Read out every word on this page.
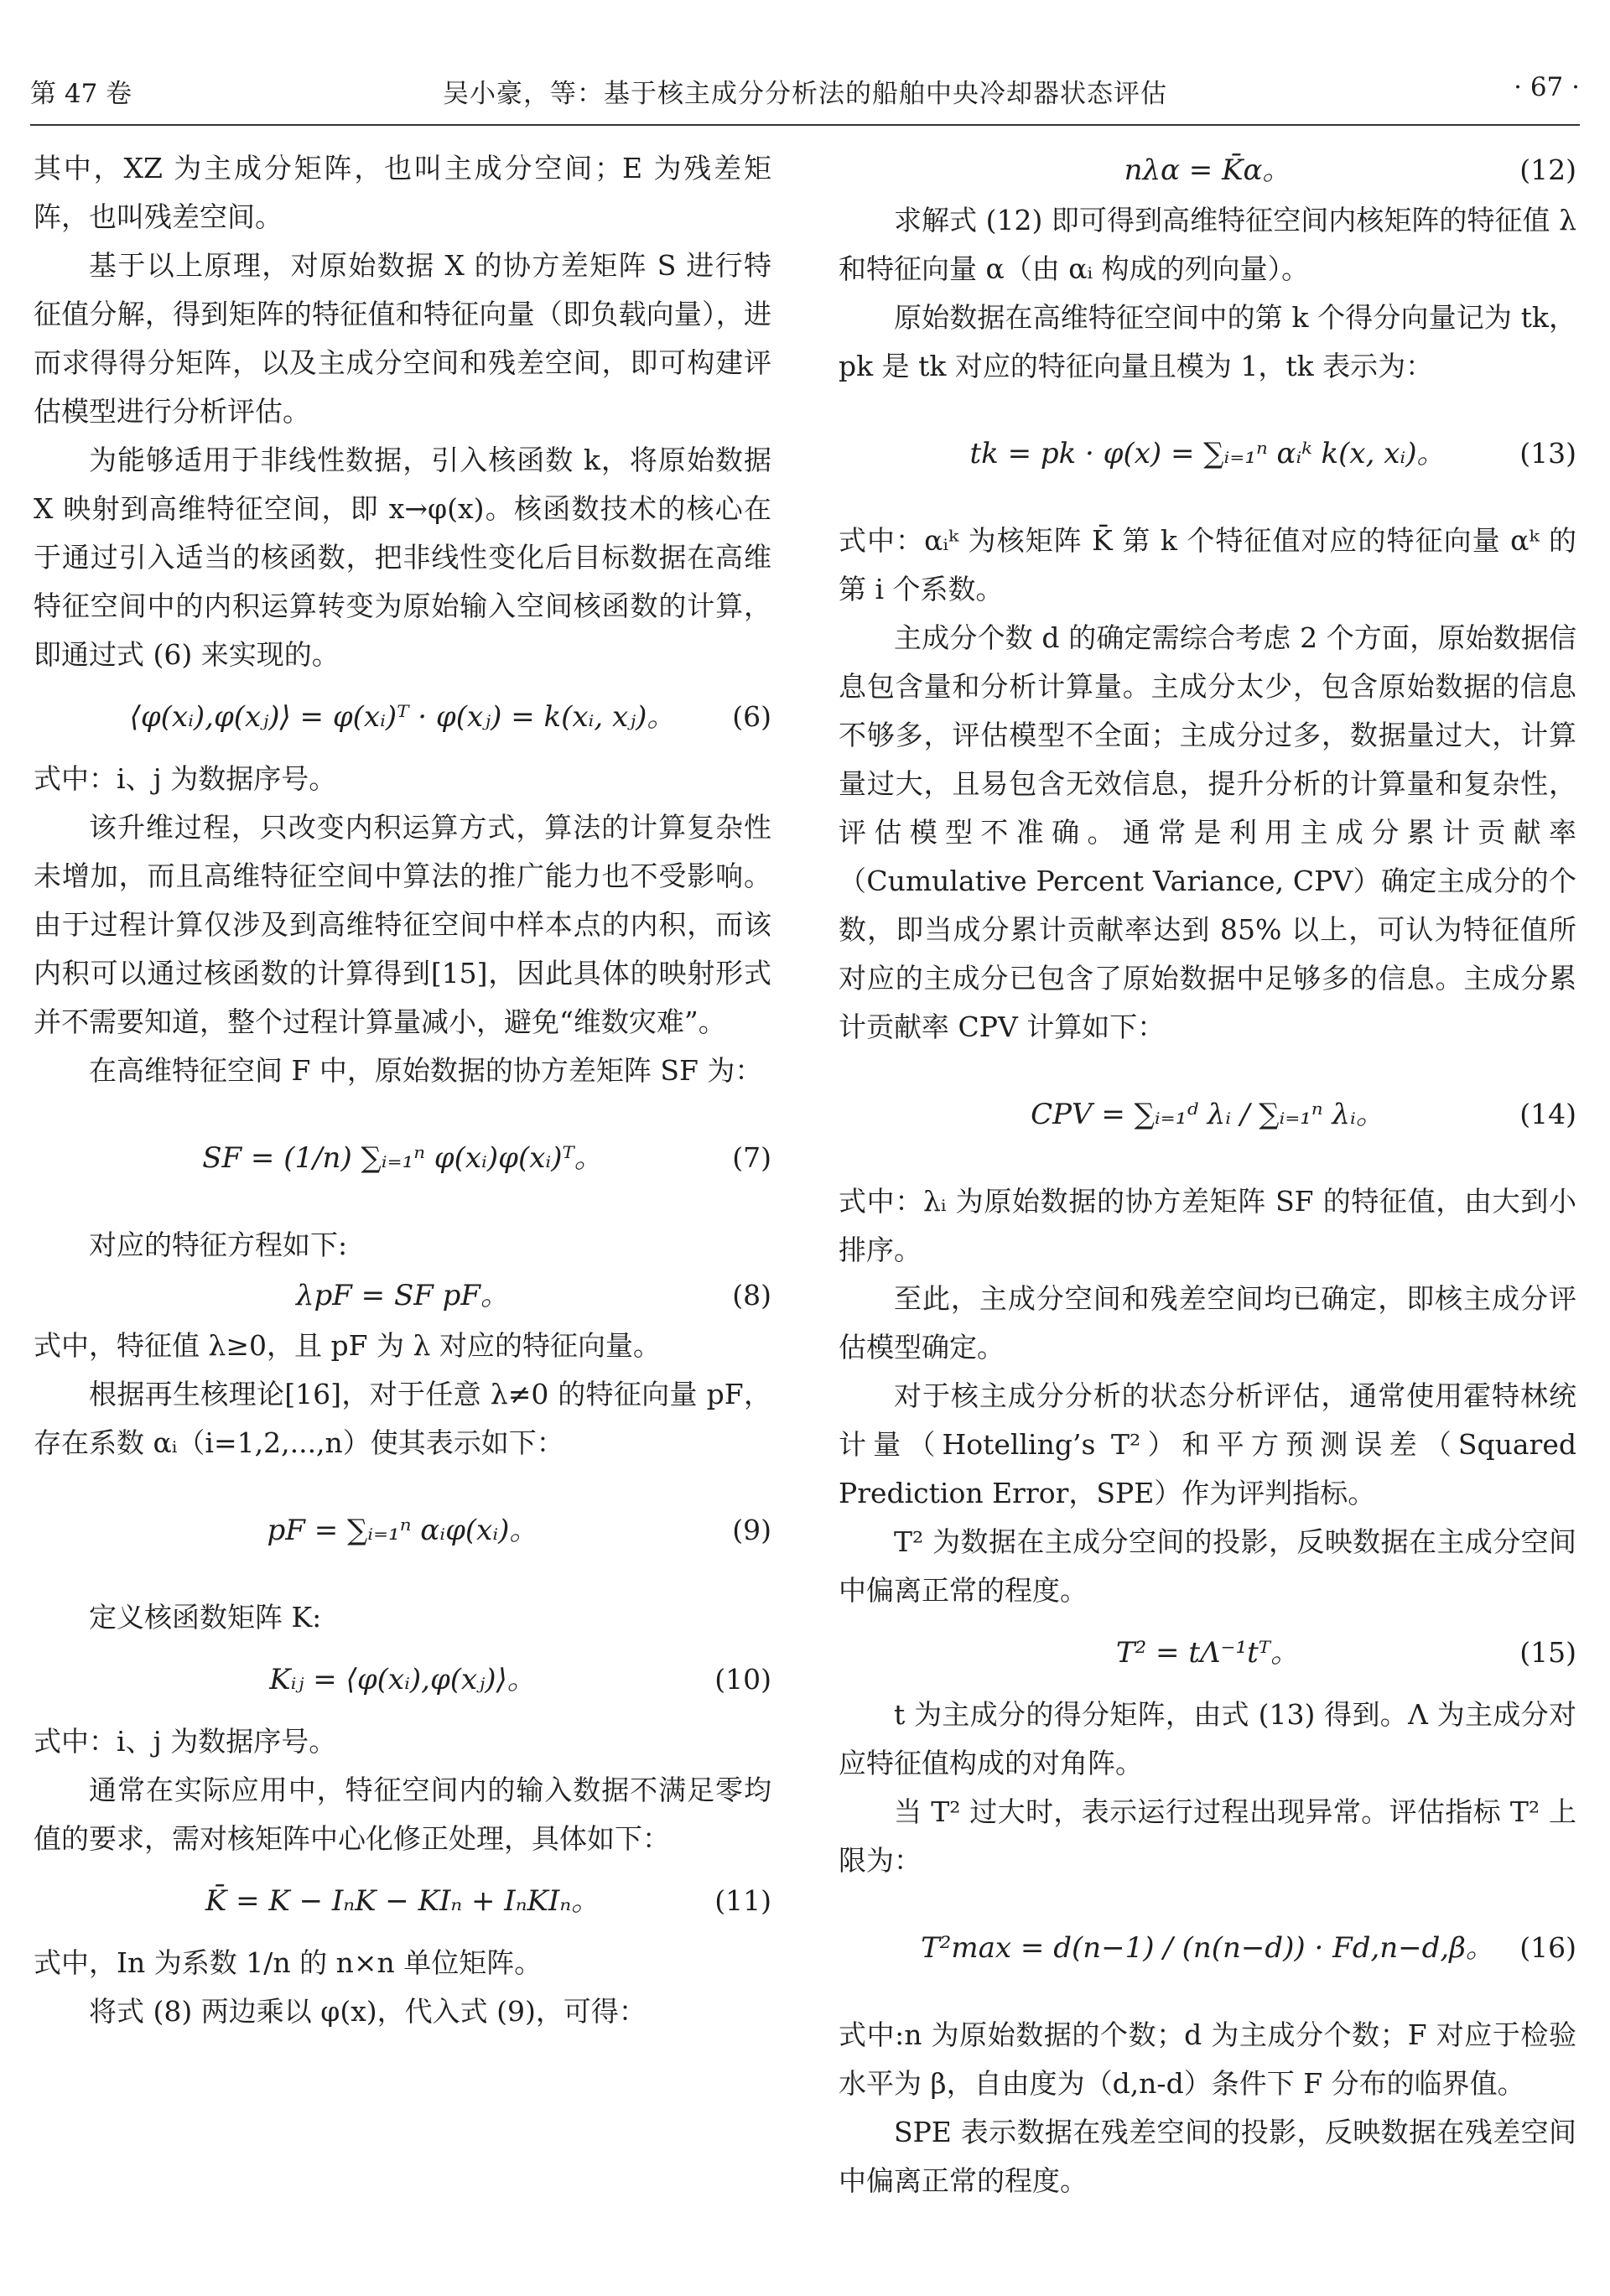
吴小豪，等：基于核主成分分析法的船舶中央冷却器状态评估
第 47 卷	· 67 ·

其中，XZ 为主成分矩阵，也叫主成分空间；E 为残差矩阵，也叫残差空间。

基于以上原理，对原始数据 X 的协方差矩阵 S 进行特征值分解，得到矩阵的特征值和特征向量（即负载向量），进而求得得分矩阵，以及主成分空间和残差空间，即可构建评估模型进行分析评估。

为能够适用于非线性数据，引入核函数 k，将原始数据 X 映射到高维特征空间，即 x→φ(x)。核函数技术的核心在于通过引入适当的核函数，把非线性变化后目标数据在高维特征空间中的内积运算转变为原始输入空间核函数的计算，即通过式 (6) 来实现的。

⟨φ(xᵢ),φ(xⱼ)⟩ = φ(xᵢ)ᵀ · φ(xⱼ) = k(xᵢ, xⱼ)。 (6)

式中：i、j 为数据序号。

该升维过程，只改变内积运算方式，算法的计算复杂性未增加，而且高维特征空间中算法的推广能力也不受影响。由于过程计算仅涉及到高维特征空间中样本点的内积，而该内积可以通过核函数的计算得到[15]，因此具体的映射形式并不需要知道，整个过程计算量减小，避免“维数灾难”。

在高维特征空间 F 中，原始数据的协方差矩阵 SF 为：

SF = (1/n) ∑ᵢ₌₁ⁿ φ(xᵢ)φ(xᵢ)ᵀ。	(7)

对应的特征方程如下:

λpF = SF pF。	(8)

式中，特征值 λ≥0，且 pF 为 λ 对应的特征向量。

根据再生核理论[16]，对于任意 λ≠0 的特征向量 pF，存在系数 αᵢ（i=1,2,...,n）使其表示如下：

pF = ∑ᵢ₌₁ⁿ αᵢφ(xᵢ)。	(9)

定义核函数矩阵 K:

Kᵢⱼ = ⟨φ(xᵢ),φ(xⱼ)⟩。	(10)

式中：i、j 为数据序号。

通常在实际应用中，特征空间内的输入数据不满足零均值的要求，需对核矩阵中心化修正处理，具体如下：

K̄ = K − IₙK − KIₙ + IₙKIₙ。	(11)

式中，In 为系数 1/n 的 n×n 单位矩阵。

将式 (8) 两边乘以 φ(x)，代入式 (9)，可得：

nλα = K̄α。	(12)

求解式 (12) 即可得到高维特征空间内核矩阵的特征值 λ 和特征向量 α（由 αᵢ 构成的列向量）。

原始数据在高维特征空间中的第 k 个得分向量记为 tk，pk 是 tk 对应的特征向量且模为 1，tk 表示为：

tk = pk · φ(x) = ∑ᵢ₌₁ⁿ αᵢᵏ k(x, xᵢ)。	(13)

式中：αᵢᵏ 为核矩阵 K̄ 第 k 个特征值对应的特征向量 αᵏ 的第 i 个系数。

主成分个数 d 的确定需综合考虑 2 个方面，原始数据信息包含量和分析计算量。主成分太少，包含原始数据的信息不够多，评估模型不全面；主成分过多，数据量过大，计算量过大，且易包含无效信息，提升分析的计算量和复杂性，评估模型不准确。通常是利用主成分累计贡献率（Cumulative Percent Variance, CPV）确定主成分的个数，即当成分累计贡献率达到 85% 以上，可认为特征值所对应的主成分已包含了原始数据中足够多的信息。主成分累计贡献率 CPV 计算如下：

CPV = ∑ᵢ₌₁ᵈ λᵢ / ∑ᵢ₌₁ⁿ λᵢ。	(14)

式中：λᵢ 为原始数据的协方差矩阵 SF 的特征值，由大到小排序。

至此，主成分空间和残差空间均已确定，即核主成分评估模型确定。

对于核主成分分析的状态分析评估，通常使用霍特林统计量（Hotelling’s T²）和平方预测误差（Squared Prediction Error，SPE）作为评判指标。

T² 为数据在主成分空间的投影，反映数据在主成分空间中偏离正常的程度。

T² = tΛ⁻¹tᵀ。	(15)

t 为主成分的得分矩阵，由式 (13) 得到。Λ 为主成分对应特征值构成的对角阵。

当 T² 过大时，表示运行过程出现异常。评估指标 T² 上限为：

T²max = d(n−1) / (n(n−d)) · Fd,n−d,β。 (16)

式中:n 为原始数据的个数；d 为主成分个数；F 对应于检验水平为 β，自由度为（d,n-d）条件下 F 分布的临界值。

SPE 表示数据在残差空间的投影，反映数据在残差空间中偏离正常的程度。
